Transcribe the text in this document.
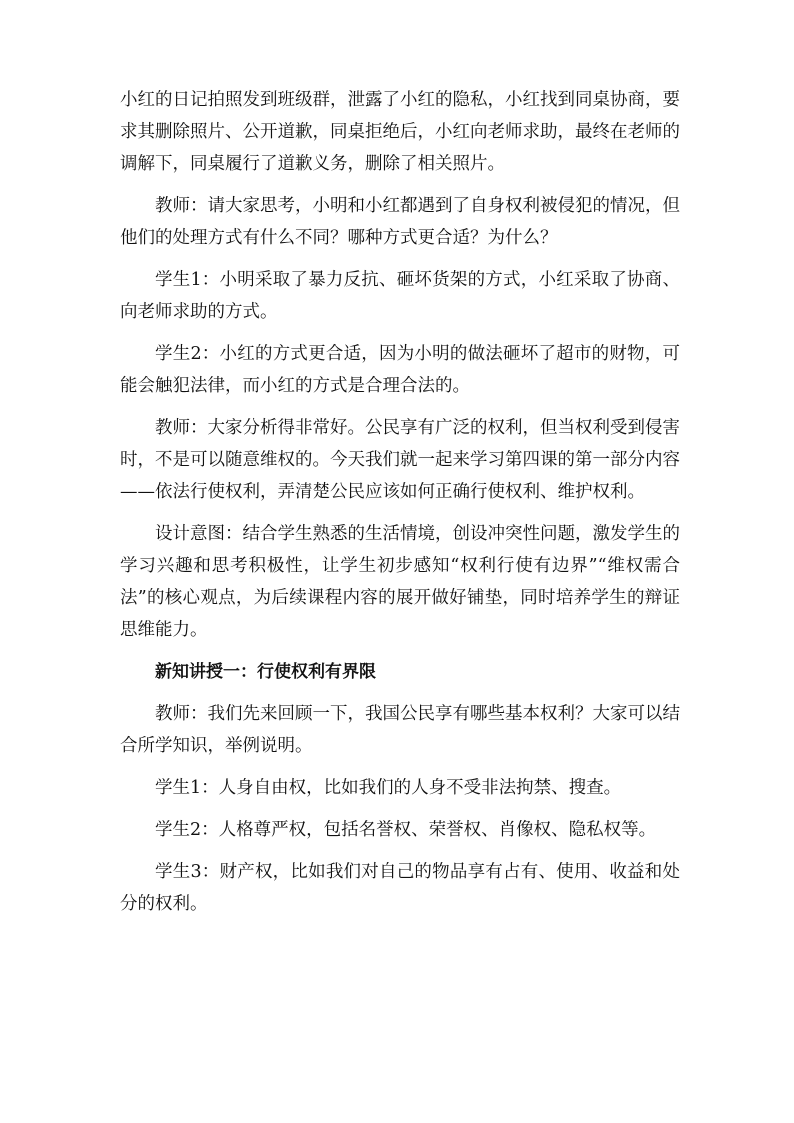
小红的日记拍照发到班级群，泄露了小红的隐私，小红找到同桌协商，要求其删除照片、公开道歉，同桌拒绝后，小红向老师求助，最终在老师的调解下，同桌履行了道歉义务，删除了相关照片。

教师：请大家思考，小明和小红都遇到了自身权利被侵犯的情况，但他们的处理方式有什么不同？哪种方式更合适？为什么？

学生1：小明采取了暴力反抗、砸坏货架的方式，小红采取了协商、向老师求助的方式。

学生2：小红的方式更合适，因为小明的做法砸坏了超市的财物，可能会触犯法律，而小红的方式是合理合法的。

教师：大家分析得非常好。公民享有广泛的权利，但当权利受到侵害时，不是可以随意维权的。今天我们就一起来学习第四课的第一部分内容——依法行使权利，弄清楚公民应该如何正确行使权利、维护权利。

设计意图：结合学生熟悉的生活情境，创设冲突性问题，激发学生的学习兴趣和思考积极性，让学生初步感知“权利行使有边界”“维权需合法”的核心观点，为后续课程内容的展开做好铺垫，同时培养学生的辩证思维能力。

新知讲授一：行使权利有界限

教师：我们先来回顾一下，我国公民享有哪些基本权利？大家可以结合所学知识，举例说明。

学生1：人身自由权，比如我们的人身不受非法拘禁、搜查。

学生2：人格尊严权，包括名誉权、荣誉权、肖像权、隐私权等。

学生3：财产权，比如我们对自己的物品享有占有、使用、收益和处分的权利。
